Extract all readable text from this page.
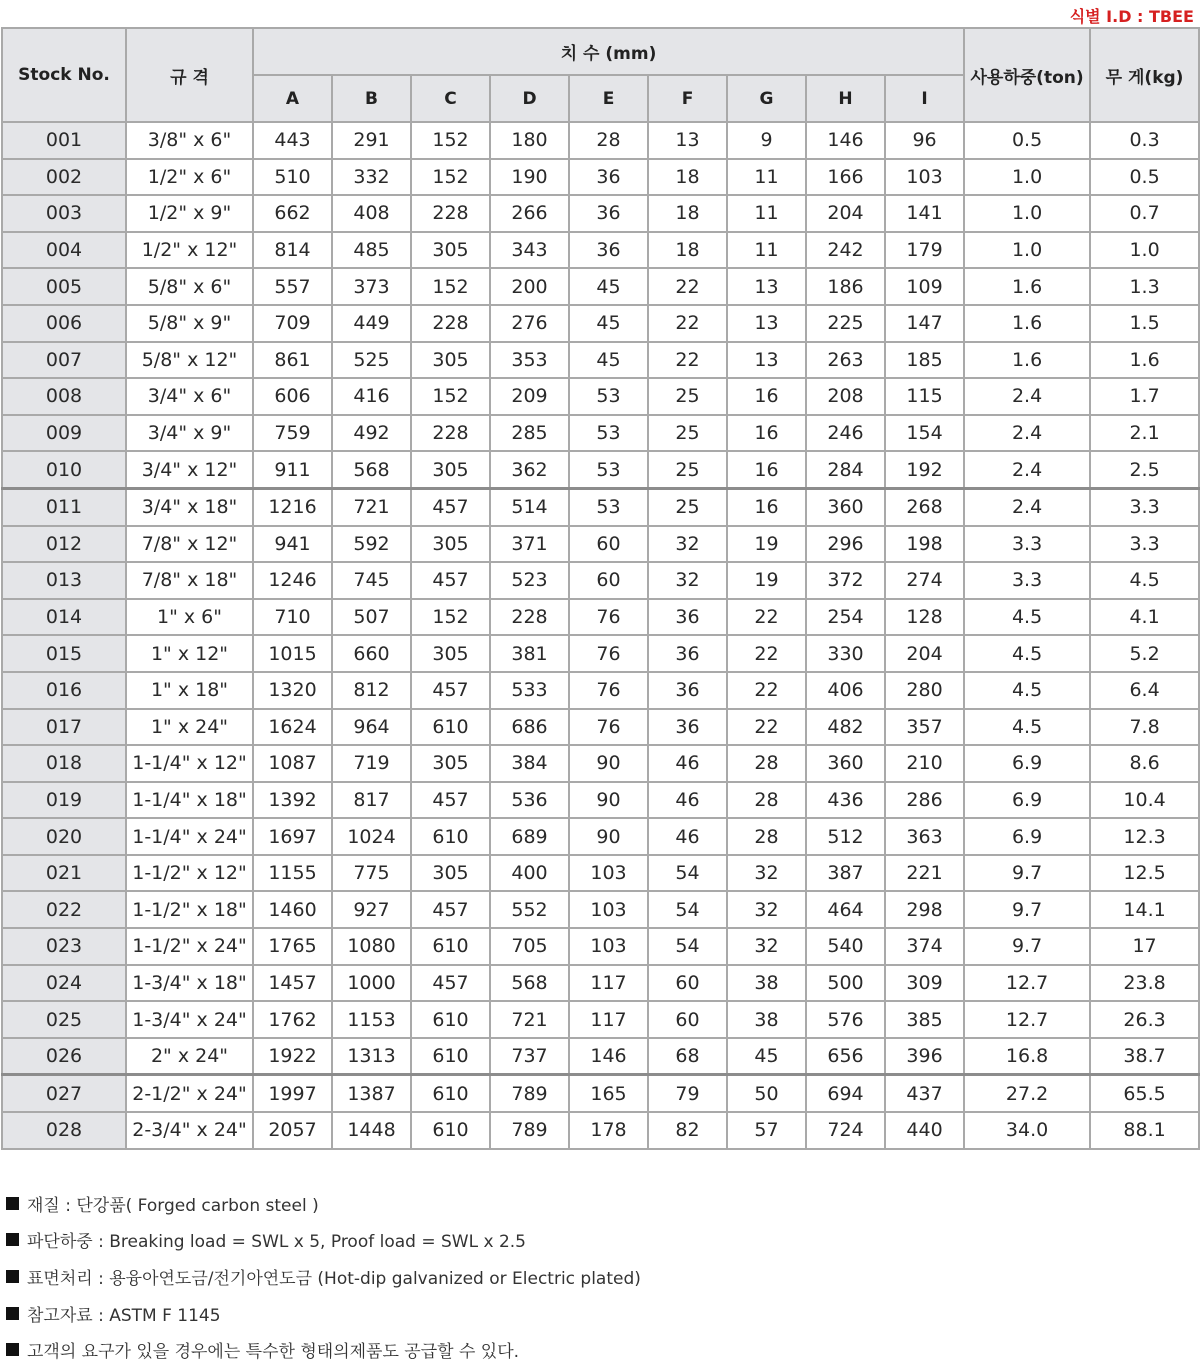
식별 I.D : TBEE
Stock No.	규 격	치 수 (mm)									사용하중(ton)	무 게(kg)
		A	B	C	D	E	F	G	H	I		
001	3/8" x 6"	443	291	152	180	28	13	9	146	96	0.5	0.3
002	1/2" x 6"	510	332	152	190	36	18	11	166	103	1.0	0.5
003	1/2" x 9"	662	408	228	266	36	18	11	204	141	1.0	0.7
004	1/2" x 12"	814	485	305	343	36	18	11	242	179	1.0	1.0
005	5/8" x 6"	557	373	152	200	45	22	13	186	109	1.6	1.3
006	5/8" x 9"	709	449	228	276	45	22	13	225	147	1.6	1.5
007	5/8" x 12"	861	525	305	353	45	22	13	263	185	1.6	1.6
008	3/4" x 6"	606	416	152	209	53	25	16	208	115	2.4	1.7
009	3/4" x 9"	759	492	228	285	53	25	16	246	154	2.4	2.1
010	3/4" x 12"	911	568	305	362	53	25	16	284	192	2.4	2.5
011	3/4" x 18"	1216	721	457	514	53	25	16	360	268	2.4	3.3
012	7/8" x 12"	941	592	305	371	60	32	19	296	198	3.3	3.3
013	7/8" x 18"	1246	745	457	523	60	32	19	372	274	3.3	4.5
014	1" x 6"	710	507	152	228	76	36	22	254	128	4.5	4.1
015	1" x 12"	1015	660	305	381	76	36	22	330	204	4.5	5.2
016	1" x 18"	1320	812	457	533	76	36	22	406	280	4.5	6.4
017	1" x 24"	1624	964	610	686	76	36	22	482	357	4.5	7.8
018	1-1/4" x 12"	1087	719	305	384	90	46	28	360	210	6.9	8.6
019	1-1/4" x 18"	1392	817	457	536	90	46	28	436	286	6.9	10.4
020	1-1/4" x 24"	1697	1024	610	689	90	46	28	512	363	6.9	12.3
021	1-1/2" x 12"	1155	775	305	400	103	54	32	387	221	9.7	12.5
022	1-1/2" x 18"	1460	927	457	552	103	54	32	464	298	9.7	14.1
023	1-1/2" x 24"	1765	1080	610	705	103	54	32	540	374	9.7	17
024	1-3/4" x 18"	1457	1000	457	568	117	60	38	500	309	12.7	23.8
025	1-3/4" x 24"	1762	1153	610	721	117	60	38	576	385	12.7	26.3
026	2" x 24"	1922	1313	610	737	146	68	45	656	396	16.8	38.7
027	2-1/2" x 24"	1997	1387	610	789	165	79	50	694	437	27.2	65.5
028	2-3/4" x 24"	2057	1448	610	789	178	82	57	724	440	34.0	88.1
재질 : 단강품( Forged carbon steel )
파단하중 : Breaking load = SWL x 5, Proof load = SWL x 2.5
표면처리 : 용융아연도금/전기아연도금 (Hot-dip galvanized or Electric plated)
참고자료 : ASTM F 1145
고객의 요구가 있을 경우에는 특수한 형태의제품도 공급할 수 있다.
